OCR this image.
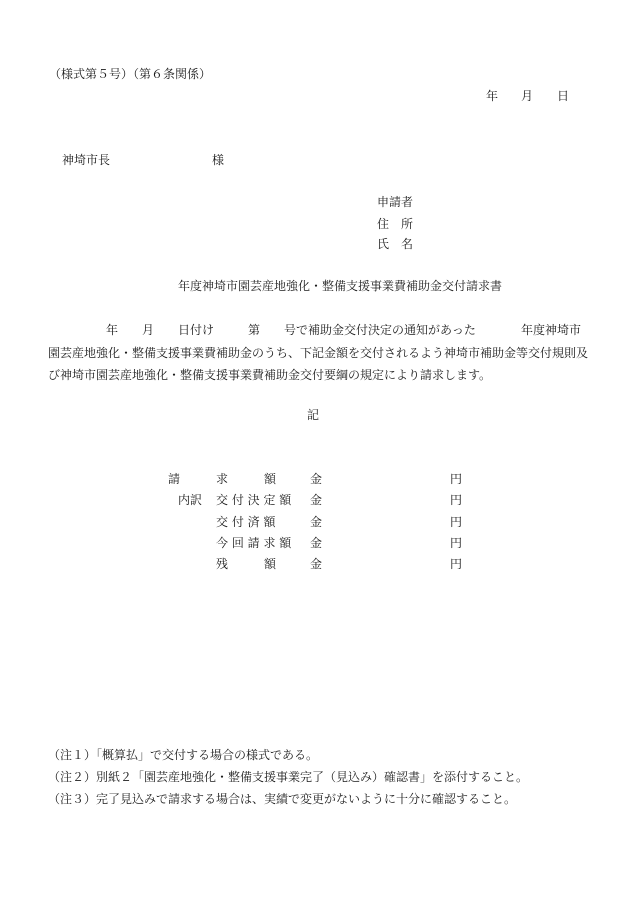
（様式第５号）（第６条関係）
年 月 日
神埼市長	様
申請者
住　所
氏　名
年度神埼市園芸産地強化・整備支援事業費補助金交付請求書
年 月 日付け	第 号で補助金交付決定の通知があった	年度神埼市
園芸産地強化・整備支援事業費補助金のうち、下記金額を交付されるよう神埼市補助金等交付規則及
び神埼市園芸産地強化・整備支援事業費補助金交付要綱の規定により請求します。
記
請　　　求　　　額	金	円
内訳 交 付 決 定 額 金	円
交 付 済 額	金	円
今 回 請 求 額 金	円
残　　　額	金	円
（注１）「概算払」で交付する場合の様式である。
（注２）別紙２「園芸産地強化・整備支援事業完了（見込み）確認書」を添付すること。
（注３）完了見込みで請求する場合は、実績で変更がないように十分に確認すること。
